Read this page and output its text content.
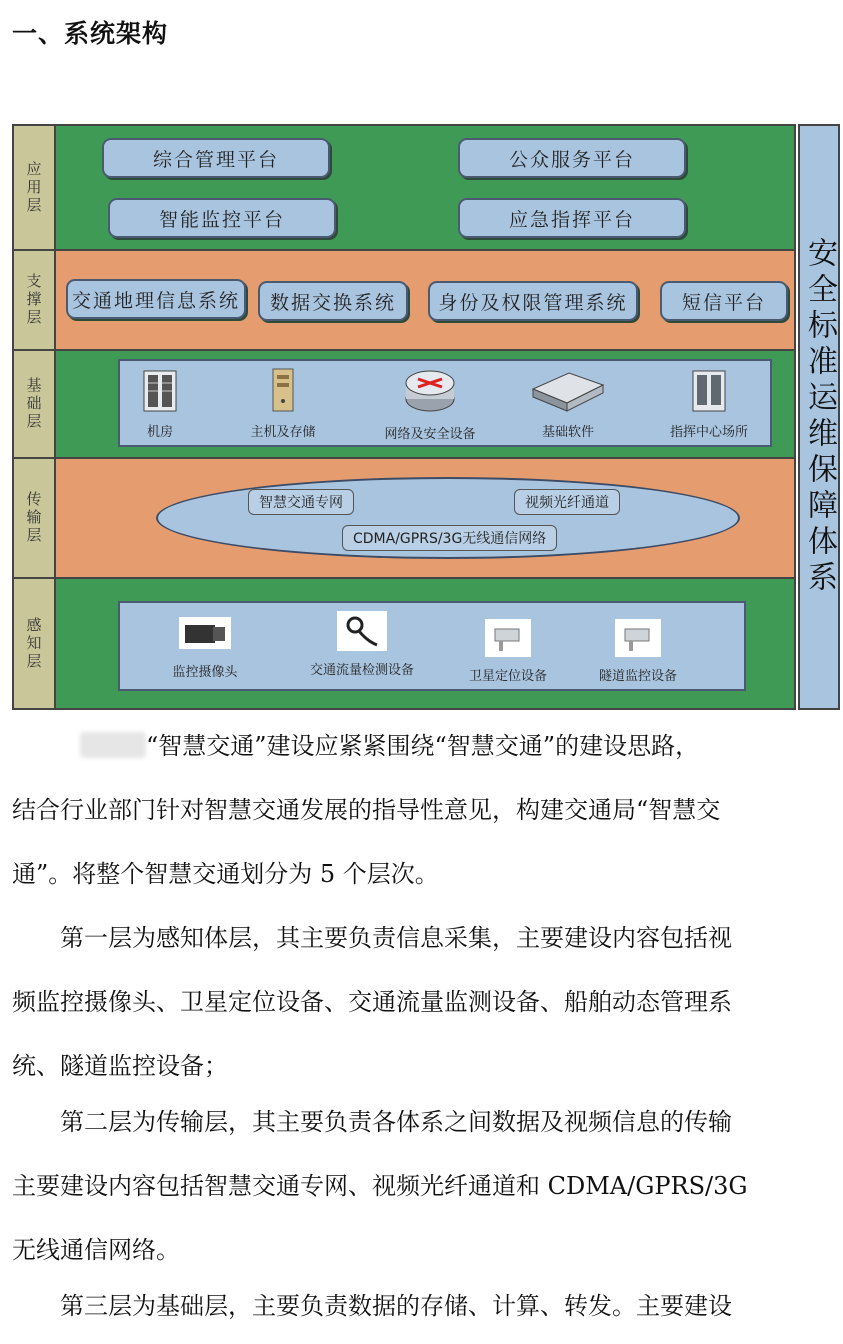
一、系统架构
应用层
综合管理平台	公众服务平台
智能监控平台	应急指挥平台
支撑层	交通地理信息系统	数据交换系统	身份及权限管理系统	短信平台
基础层
机房	主机及存储	网络及安全设备	基础软件	指挥中心场所
传输层	智慧交通专网	视频光纤通道
CDMA/GPRS/3G无线通信网络
感知层
监控摄像头	交通流量检测设备	卫星定位设备	隧道监控设备
安全标准运维保障体系
“智慧交通”建设应紧紧围绕“智慧交通”的建设思路，
结合行业部门针对智慧交通发展的指导性意见，构建交通局“智慧交
通”。将整个智慧交通划分为 5 个层次。
　　第一层为感知体层，其主要负责信息采集，主要建设内容包括视
频监控摄像头、卫星定位设备、交通流量监测设备、船舶动态管理系
统、隧道监控设备；
　　第二层为传输层，其主要负责各体系之间数据及视频信息的传输
主要建设内容包括智慧交通专网、视频光纤通道和 CDMA/GPRS/3G
无线通信网络。
　　第三层为基础层，主要负责数据的存储、计算、转发。主要建设
